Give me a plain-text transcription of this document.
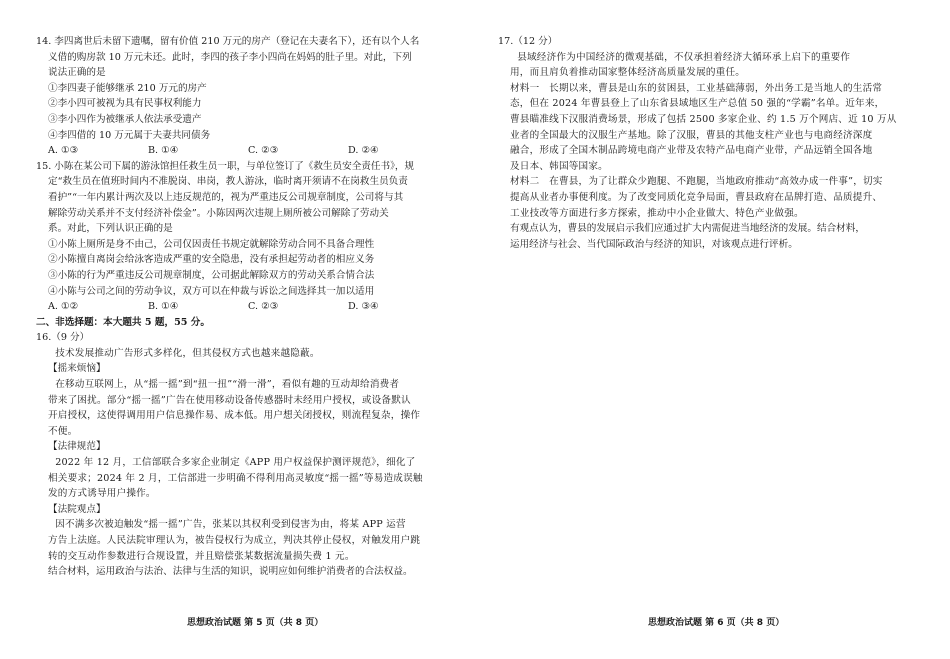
14. 李四离世后未留下遗嘱，留有价值 210 万元的房产（登记在夫妻名下），还有以个人名

义借的购房款 10 万元未还。此时，李四的孩子李小四尚在妈妈的肚子里。对此，下列

说法正确的是

①李四妻子能够继承 210 万元的房产

②李小四可被视为具有民事权利能力

③李小四作为被继承人依法承受遗产

④李四借的 10 万元属于夫妻共同债务

A. ①③	B. ①④	C. ②③	D. ②④

15. 小陈在某公司下属的游泳馆担任救生员一职，与单位签订了《救生员安全责任书》，规

定“救生员在值班时间内不准脱岗、串岗，教人游泳，临时离开须请不在岗救生员负责

看护”“一年内累计两次及以上违反规范的，视为严重违反公司规章制度，公司将与其

解除劳动关系并不支付经济补偿金”。小陈因两次违规上厕所被公司解除了劳动关

系。对此，下列认识正确的是

①小陈上厕所是身不由己，公司仅因责任书规定就解除劳动合同不具备合理性

②小陈擅自离岗会给泳客造成严重的安全隐患，没有承担起劳动者的相应义务

③小陈的行为严重违反公司规章制度，公司据此解除双方的劳动关系合情合法

④小陈与公司之间的劳动争议，双方可以在仲裁与诉讼之间选择其一加以适用

A. ①②	B. ①④	C. ②③	D. ③④

二、非选择题：本大题共 5 题，55 分。

16.（9 分）

技术发展推动广告形式多样化，但其侵权方式也越来越隐蔽。

【摇来烦恼】

在移动互联网上，从“摇一摇”到“扭一扭”“滑一滑”，看似有趣的互动却给消费者

带来了困扰。部分“摇一摇”广告在使用移动设备传感器时未经用户授权，或设备默认

开启授权，这使得调用用户信息操作易、成本低。用户想关闭授权，则流程复杂，操作

不便。

【法律规范】

2022 年 12 月，工信部联合多家企业制定《APP 用户权益保护测评规范》，细化了

相关要求；2024 年 2 月，工信部进一步明确不得利用高灵敏度“摇一摇”等易造成误触

发的方式诱导用户操作。

【法院观点】

因不满多次被迫触发“摇一摇”广告，张某以其权利受到侵害为由，将某 APP 运营

方告上法庭。人民法院审理认为，被告侵权行为成立，判决其停止侵权，对触发用户跳

转的交互动作参数进行合规设置，并且赔偿张某数据流量损失费 1 元。

结合材料，运用政治与法治、法律与生活的知识，说明应如何维护消费者的合法权益。

17.（12 分）

县域经济作为中国经济的微观基础，不仅承担着经济大循环承上启下的重要作

用，而且肩负着推动国家整体经济高质量发展的重任。

材料一　长期以来，曹县是山东的贫困县，工业基础薄弱，外出务工是当地人的生活常

态，但在 2024 年曹县登上了山东省县域地区生产总值 50 强的“学霸”名单。近年来，

曹县瞄准线下汉服消费场景，形成了包括 2500 多家企业、约 1.5 万个网店、近 10 万从

业者的全国最大的汉服生产基地。除了汉服，曹县的其他支柱产业也与电商经济深度

融合，形成了全国木制品跨境电商产业带及农特产品电商产业带，产品远销全国各地

及日本、韩国等国家。

材料二　在曹县，为了让群众少跑腿、不跑腿，当地政府推动“高效办成一件事”，切实

提高从业者办事便利度。为了改变同质化竞争局面，曹县政府在品牌打造、品质提升、

工业技改等方面进行多方探索，推动中小企业做大、特色产业做强。

有观点认为，曹县的发展启示我们应通过扩大内需促进当地经济的发展。结合材料，

运用经济与社会、当代国际政治与经济的知识，对该观点进行评析。

思想政治试题 第 5 页（共 8 页）	思想政治试题 第 6 页（共 8 页）
